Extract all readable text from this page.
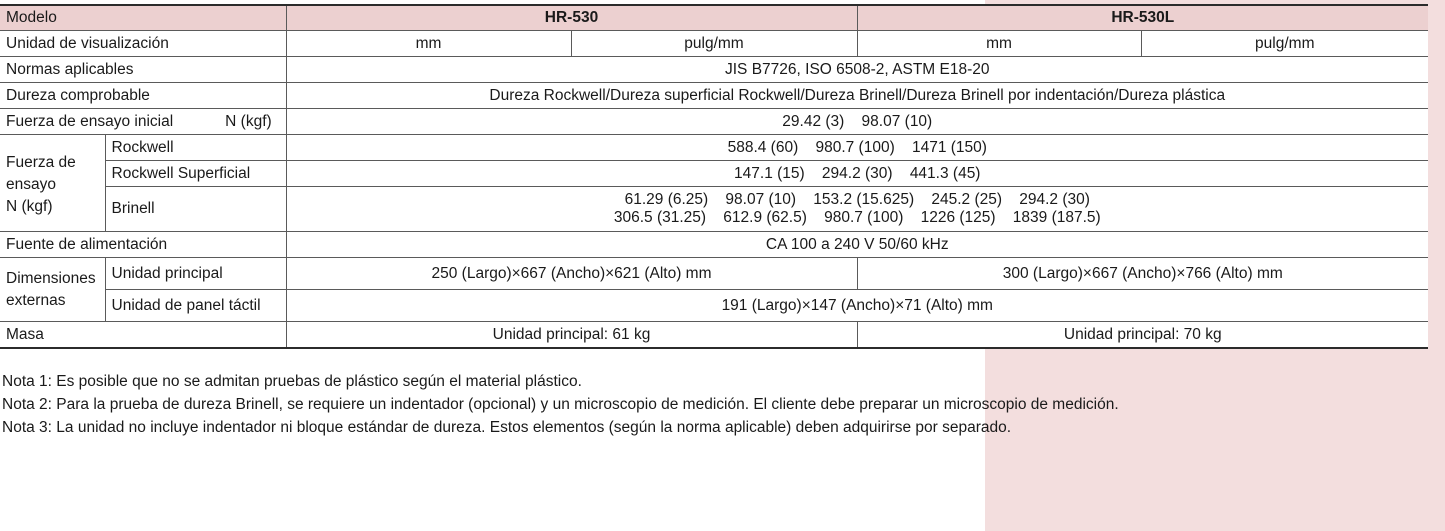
Modelo		HR-530		HR-530L	
Unidad de visualización		mm	pulg/mm	mm	pulg/mm
Normas aplicables		JIS B7726, ISO 6508-2, ASTM E18-20			
Dureza comprobable		Dureza Rockwell/Dureza superficial Rockwell/Dureza Brinell/Dureza Brinell por indentación/Dureza plástica			
Fuerza de ensayo inicial N (kgf)		29.42 (3)    98.07 (10)			
Fuerza de ensayo
N (kgf)	Rockwell	588.4 (60)    980.7 (100)    1471 (150)			
	Rockwell Superficial	147.1 (15)    294.2 (30)    441.3 (45)			
	Brinell	61.29 (6.25)    98.07 (10)    153.2 (15.625)    245.2 (25)    294.2 (30)
306.5 (31.25)    612.9 (62.5)    980.7 (100)    1226 (125)    1839 (187.5)			

Fuente de alimentación		CA 100 a 240 V 50/60 kHz			
Dimensiones externas	Unidad principal	250 (Largo)×667 (Ancho)×621 (Alto) mm		300 (Largo)×667 (Ancho)×766 (Alto) mm	
	Unidad de panel táctil	191 (Largo)×147 (Ancho)×71 (Alto) mm			
Masa		Unidad principal: 61 kg		Unidad principal: 70 kg	
Nota 1: Es posible que no se admitan pruebas de plástico según el material plástico.
Nota 2: Para la prueba de dureza Brinell, se requiere un indentador (opcional) y un microscopio de medición. El cliente debe preparar un microscopio de medición.
Nota 3: La unidad no incluye indentador ni bloque estándar de dureza. Estos elementos (según la norma aplicable) deben adquirirse por separado.
